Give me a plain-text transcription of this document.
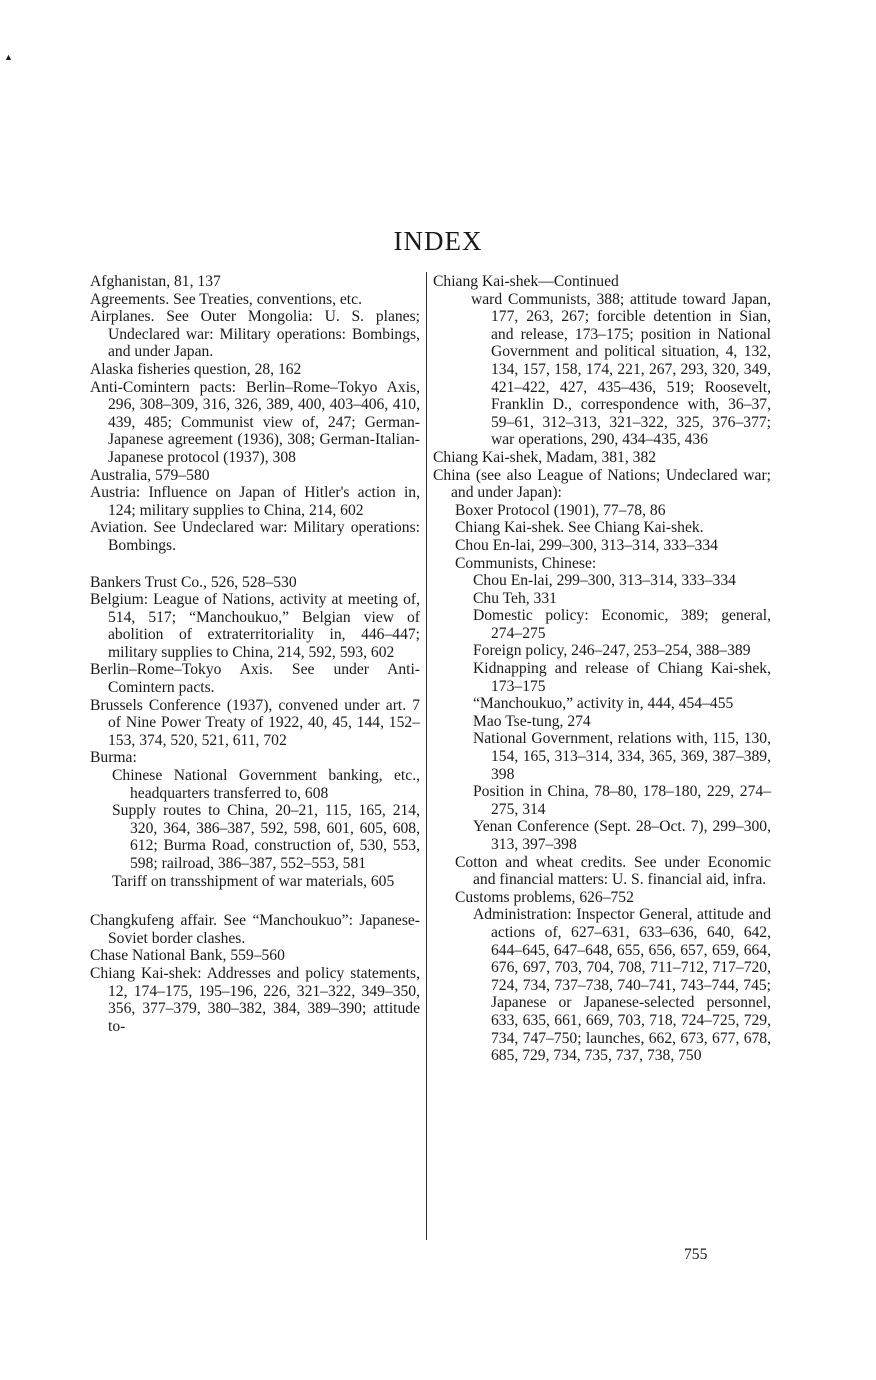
▲
INDEX
Afghanistan, 81, 137
Agreements. See Treaties, conventions, etc.
Airplanes. See Outer Mongolia: U. S. planes; Undeclared war: Military operations: Bombings, and under Japan.
Alaska fisheries question, 28, 162
Anti-Comintern pacts: Berlin–Rome–Tokyo Axis, 296, 308–309, 316, 326, 389, 400, 403–406, 410, 439, 485; Communist view of, 247; German-Japanese agreement (1936), 308; German-Italian-Japanese protocol (1937), 308
Australia, 579–580
Austria: Influence on Japan of Hitler's action in, 124; military supplies to China, 214, 602
Aviation. See Undeclared war: Military operations: Bombings.
Bankers Trust Co., 526, 528–530
Belgium: League of Nations, activity at meeting of, 514, 517; “Manchoukuo,” Belgian view of abolition of extraterritoriality in, 446–447; military supplies to China, 214, 592, 593, 602
Berlin–Rome–Tokyo Axis. See under Anti-Comintern pacts.
Brussels Conference (1937), convened under art. 7 of Nine Power Treaty of 1922, 40, 45, 144, 152–153, 374, 520, 521, 611, 702
Burma:
Chinese National Government banking, etc., headquarters transferred to, 608
Supply routes to China, 20–21, 115, 165, 214, 320, 364, 386–387, 592, 598, 601, 605, 608, 612; Burma Road, construction of, 530, 553, 598; railroad, 386–387, 552–553, 581
Tariff on transshipment of war materials, 605
Changkufeng affair. See “Manchoukuo”: Japanese-Soviet border clashes.
Chase National Bank, 559–560
Chiang Kai-shek: Addresses and policy statements, 12, 174–175, 195–196, 226, 321–322, 349–350, 356, 377–379, 380–382, 384, 389–390; attitude to-
Chiang Kai-shek—Continued
ward Communists, 388; attitude toward Japan, 177, 263, 267; forcible detention in Sian, and release, 173–175; position in National Government and political situation, 4, 132, 134, 157, 158, 174, 221, 267, 293, 320, 349, 421–422, 427, 435–436, 519; Roosevelt, Franklin D., correspondence with, 36–37, 59–61, 312–313, 321–322, 325, 376–377; war operations, 290, 434–435, 436
Chiang Kai-shek, Madam, 381, 382
China (see also League of Nations; Undeclared war; and under Japan):
Boxer Protocol (1901), 77–78, 86
Chiang Kai-shek. See Chiang Kai-shek.
Chou En-lai, 299–300, 313–314, 333–334
Communists, Chinese:
Chou En-lai, 299–300, 313–314, 333–334
Chu Teh, 331
Domestic policy: Economic, 389; general, 274–275
Foreign policy, 246–247, 253–254, 388–389
Kidnapping and release of Chiang Kai-shek, 173–175
“Manchoukuo,” activity in, 444, 454–455
Mao Tse-tung, 274
National Government, relations with, 115, 130, 154, 165, 313–314, 334, 365, 369, 387–389, 398
Position in China, 78–80, 178–180, 229, 274–275, 314
Yenan Conference (Sept. 28–Oct. 7), 299–300, 313, 397–398
Cotton and wheat credits. See under Economic and financial matters: U. S. financial aid, infra.
Customs problems, 626–752
Administration: Inspector General, attitude and actions of, 627–631, 633–636, 640, 642, 644–645, 647–648, 655, 656, 657, 659, 664, 676, 697, 703, 704, 708, 711–712, 717–720, 724, 734, 737–738, 740–741, 743–744, 745; Japanese or Japanese-selected personnel, 633, 635, 661, 669, 703, 718, 724–725, 729, 734, 747–750; launches, 662, 673, 677, 678, 685, 729, 734, 735, 737, 738, 750
755
